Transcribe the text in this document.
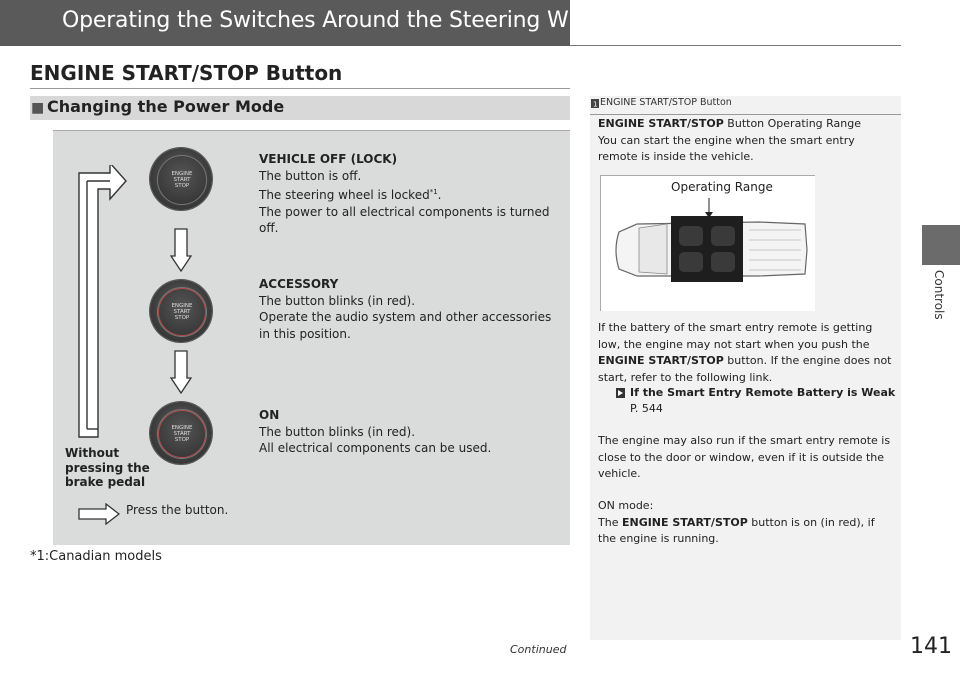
Operating the Switches Around the Steering Wheel
Controls
ENGINE START/STOP Button
■ Changing the Power Mode
ENGINE
START
STOP
ENGINE
START
STOP
ENGINE
START
STOP
VEHICLE OFF (LOCK)
The button is off.
The steering wheel is locked$^{*1}$.
The power to all electrical components is turned off.
ACCESSORY
The button blinks (in red).
Operate the audio system and other accessories in this position.
ON
The button blinks (in red).
All electrical components can be used.
Without pressing the brake pedal
Press the button.
*1:Canadian models
1 ENGINE START/STOP Button
ENGINE START/STOP Button Operating Range
You can start the engine when the smart entry remote is inside the vehicle.
Operating Range
If the battery of the smart entry remote is getting low, the engine may not start when you push the ENGINE START/STOP button. If the engine does not start, refer to the following link.
If the Smart Entry Remote Battery is Weak
P. 544
The engine may also run if the smart entry remote is close to the door or window, even if it is outside the vehicle.
ON mode:
The ENGINE START/STOP button is on (in red), if the engine is running.
Continued	141
